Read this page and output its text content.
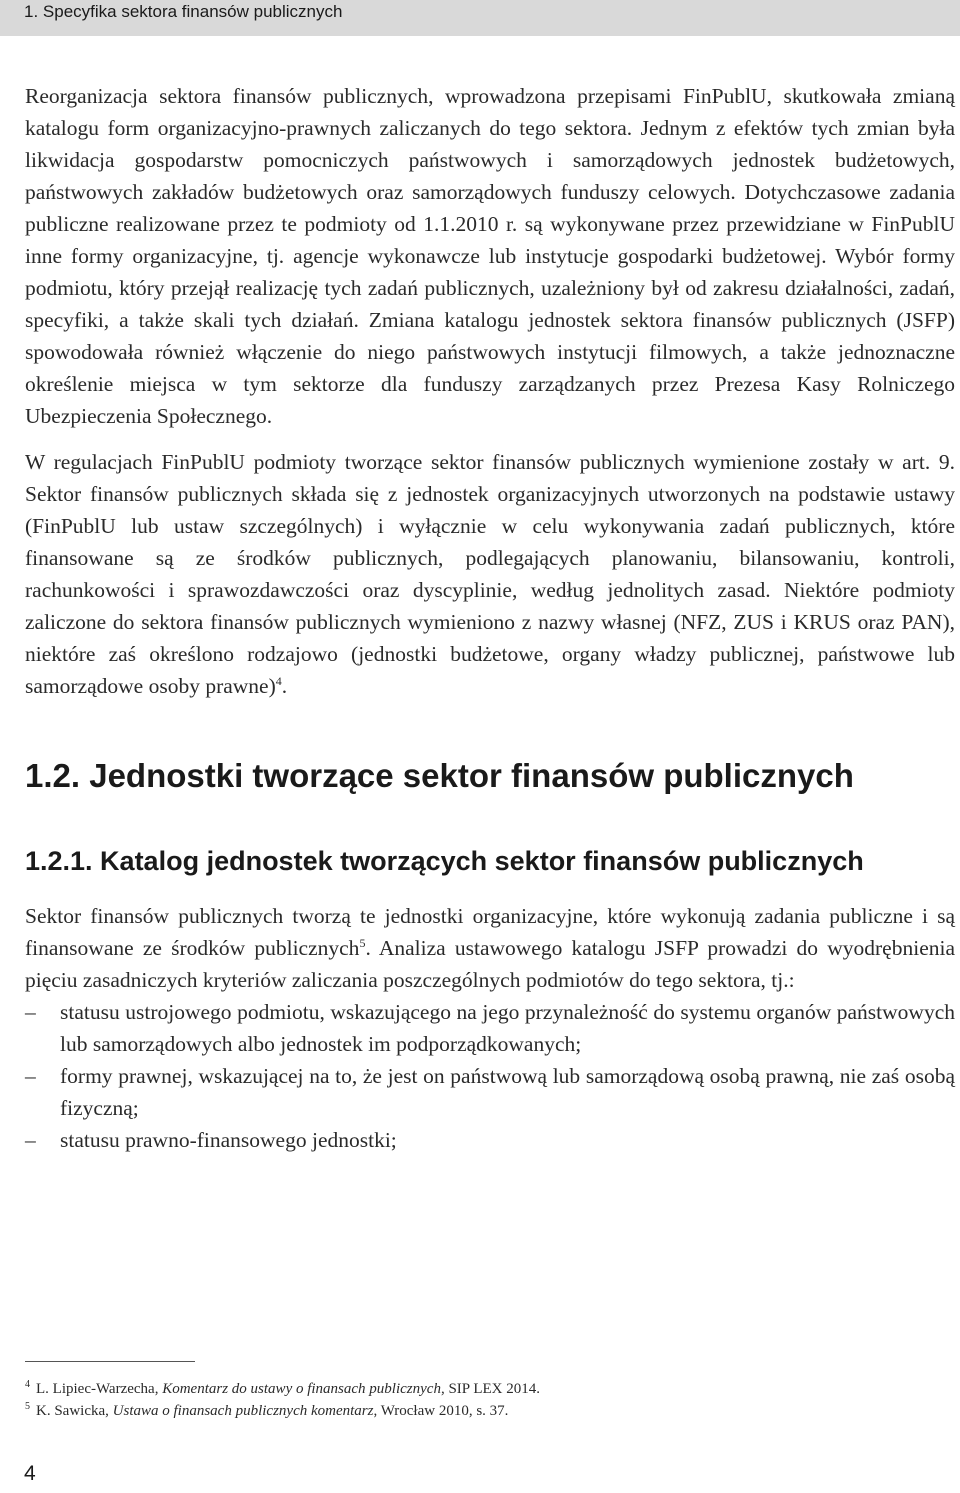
1. Specyfika sektora finansów publicznych

Reorganizacja sektora finansów publicznych, wprowadzona przepisami FinPublU, skutkowała zmianą katalogu form organizacyjno-prawnych zaliczanych do tego sektora. Jednym z efektów tych zmian była likwidacja gospodarstw pomocniczych państwowych i samorządowych jednostek budżetowych, państwowych zakładów budżetowych oraz samorządowych funduszy celowych. Dotychczasowe zadania publiczne realizowane przez te podmioty od 1.1.2010 r. są wykonywane przez przewidziane w FinPublU inne formy organizacyjne, tj. agencje wykonawcze lub instytucje gospodarki budżetowej. Wybór formy podmiotu, który przejął realizację tych zadań publicznych, uzależniony był od zakresu działalności, zadań, specyfiki, a także skali tych działań. Zmiana katalogu jednostek sektora finansów publicznych (JSFP) spowodowała również włączenie do niego państwowych instytucji filmowych, a także jednoznaczne określenie miejsca w tym sektorze dla funduszy zarządzanych przez Prezesa Kasy Rolniczego Ubezpieczenia Społecznego.

W regulacjach FinPublU podmioty tworzące sektor finansów publicznych wymienione zostały w art. 9. Sektor finansów publicznych składa się z jednostek organizacyjnych utworzonych na podstawie ustawy (FinPublU lub ustaw szczególnych) i wyłącznie w celu wykonywania zadań publicznych, które finansowane są ze środków publicznych, podlegających planowaniu, bilansowaniu, kontroli, rachunkowości i sprawozdawczości oraz dyscyplinie, według jednolitych zasad. Niektóre podmioty zaliczone do sektora finansów publicznych wymieniono z nazwy własnej (NFZ, ZUS i KRUS oraz PAN), niektóre zaś określono rodzajowo (jednostki budżetowe, organy władzy publicznej, państwowe lub samorządowe osoby prawne)$^4$.

1.2. Jednostki tworzące sektor finansów publicznych
1.2.1. Katalog jednostek tworzących sektor finansów publicznych

Sektor finansów publicznych tworzą te jednostki organizacyjne, które wykonują zadania publiczne i są finansowane ze środków publicznych$^5$. Analiza ustawowego katalogu JSFP prowadzi do wyodrębnienia pięciu zasadniczych kryteriów zaliczania poszczególnych podmiotów do tego sektora, tj.:

– statusu ustrojowego podmiotu, wskazującego na jego przynależność do systemu organów państwowych lub samorządowych albo jednostek im podporządkowanych;
– formy prawnej, wskazującej na to, że jest on państwową lub samorządową osobą prawną, nie zaś osobą fizyczną;
– statusu prawno-finansowego jednostki;
$^4$ L. Lipiec-Warzecha, Komentarz do ustawy o finansach publicznych, SIP LEX 2014.
$^5$ K. Sawicka, Ustawa o finansach publicznych komentarz, Wrocław 2010, s. 37.
4
